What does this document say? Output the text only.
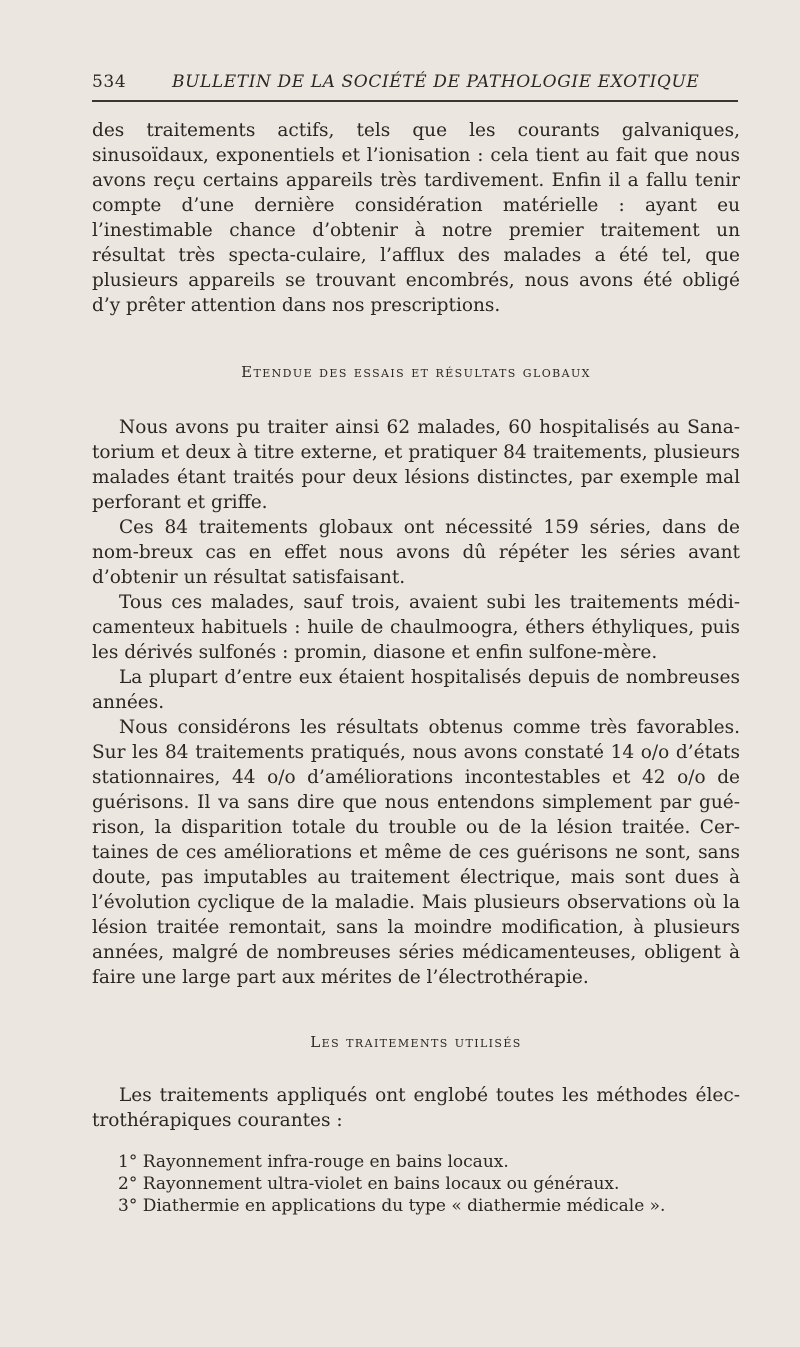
534	BULLETIN DE LA SOCIÉTÉ DE PATHOLOGIE EXOTIQUE

des traitements actifs, tels que les courants galvaniques, sinusoïdaux, exponentiels et l’ionisation : cela tient au fait que nous avons reçu certains appareils très tardivement. Enfin il a fallu tenir compte d’une dernière considération matérielle : ayant eu l’inestimable chance d’obtenir à notre premier traitement un résultat très specta-culaire, l’afflux des malades a été tel, que plusieurs appareils se trouvant encombrés, nous avons été obligé d’y prêter attention dans nos prescriptions.

Etendue des essais et résultats globaux

Nous avons pu traiter ainsi 62 malades, 60 hospitalisés au Sana-torium et deux à titre externe, et pratiquer 84 traitements, plusieurs malades étant traités pour deux lésions distinctes, par exemple mal perforant et griffe.

Ces 84 traitements globaux ont nécessité 159 séries, dans de nom-breux cas en effet nous avons dû répéter les séries avant d’obtenir un résultat satisfaisant.

Tous ces malades, sauf trois, avaient subi les traitements médi-camenteux habituels : huile de chaulmoogra, éthers éthyliques, puis les dérivés sulfonés : promin, diasone et enfin sulfone-mère.

La plupart d’entre eux étaient hospitalisés depuis de nombreuses années.

Nous considérons les résultats obtenus comme très favorables. Sur les 84 traitements pratiqués, nous avons constaté 14 o/o d’états stationnaires, 44 o/o d’améliorations incontestables et 42 o/o de guérisons. Il va sans dire que nous entendons simplement par gué-rison, la disparition totale du trouble ou de la lésion traitée. Cer-taines de ces améliorations et même de ces guérisons ne sont, sans doute, pas imputables au traitement électrique, mais sont dues à l’évolution cyclique de la maladie. Mais plusieurs observations où la lésion traitée remontait, sans la moindre modification, à plusieurs années, malgré de nombreuses séries médicamenteuses, obligent à faire une large part aux mérites de l’électrothérapie.

Les traitements utilisés

Les traitements appliqués ont englobé toutes les méthodes élec-trothérapiques courantes :

1° Rayonnement infra-rouge en bains locaux.

2° Rayonnement ultra-violet en bains locaux ou généraux.

3° Diathermie en applications du type « diathermie médicale ».
